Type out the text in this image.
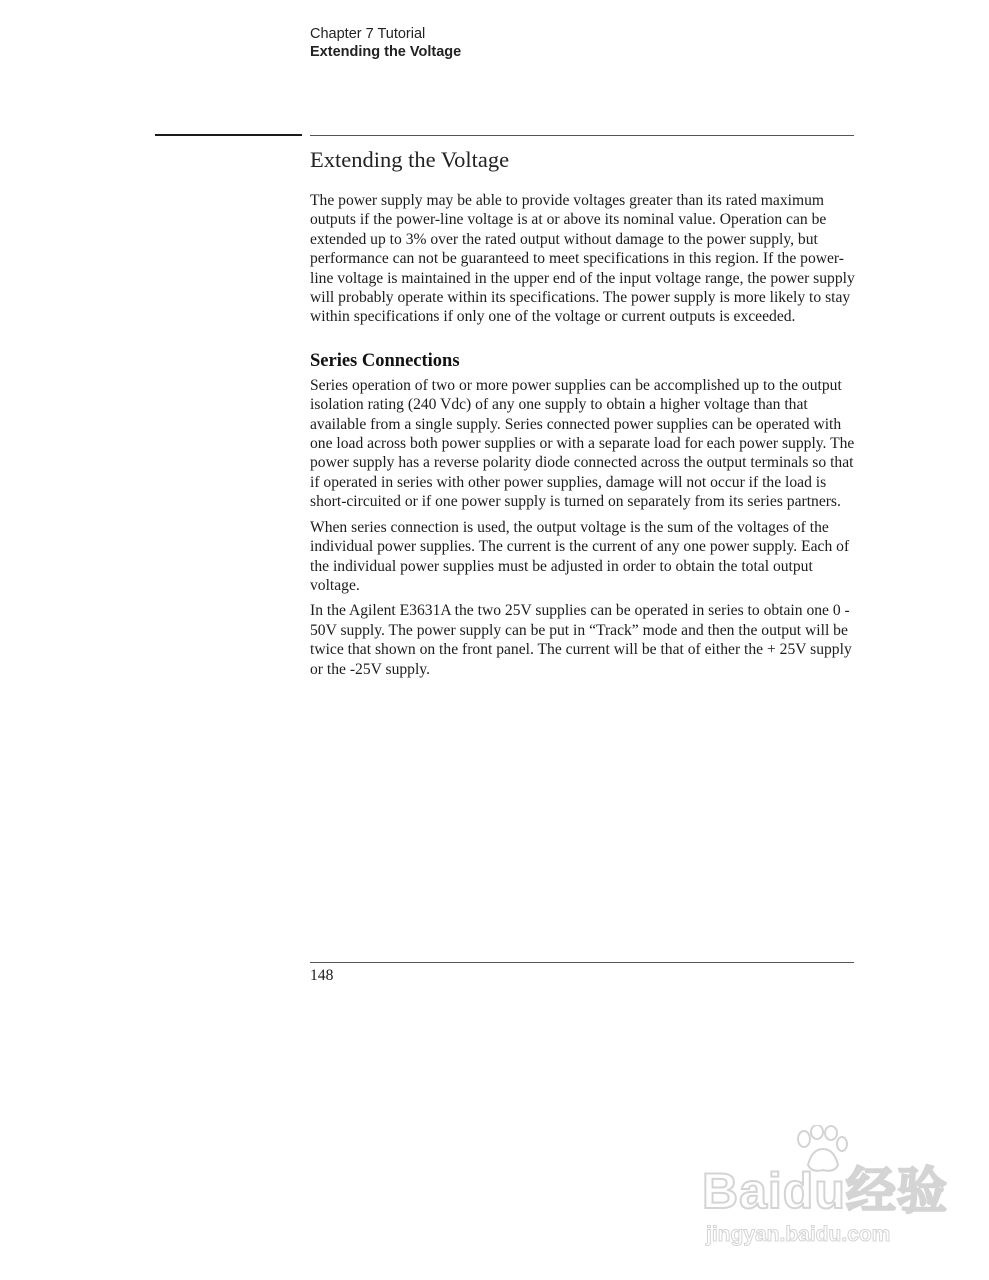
Chapter 7 Tutorial
Extending the Voltage
Extending the Voltage

The power supply may be able to provide voltages greater than its rated maximum outputs if the power-line voltage is at or above its nominal value. Operation can be extended up to 3% over the rated output without damage to the power supply, but performance can not be guaranteed to meet specifications in this region. If the power-line voltage is maintained in the upper end of the input voltage range, the power supply will probably operate within its specifications. The power supply is more likely to stay within specifications if only one of the voltage or current outputs is exceeded.

Series Connections

Series operation of two or more power supplies can be accomplished up to the output isolation rating (240 Vdc) of any one supply to obtain a higher voltage than that available from a single supply. Series connected power supplies can be operated with one load across both power supplies or with a separate load for each power supply. The power supply has a reverse polarity diode connected across the output terminals so that if operated in series with other power supplies, damage will not occur if the load is short-circuited or if one power supply is turned on separately from its series partners.

When series connection is used, the output voltage is the sum of the voltages of the individual power supplies. The current is the current of any one power supply. Each of the individual power supplies must be adjusted in order to obtain the total output voltage.

In the Agilent E3631A the two 25V supplies can be operated in series to obtain one 0 - 50V supply. The power supply can be put in “Track” mode and then the output will be twice that shown on the front panel. The current will be that of either the + 25V supply or the -25V supply.

148
Baidu经验
jingyan.baidu.com
